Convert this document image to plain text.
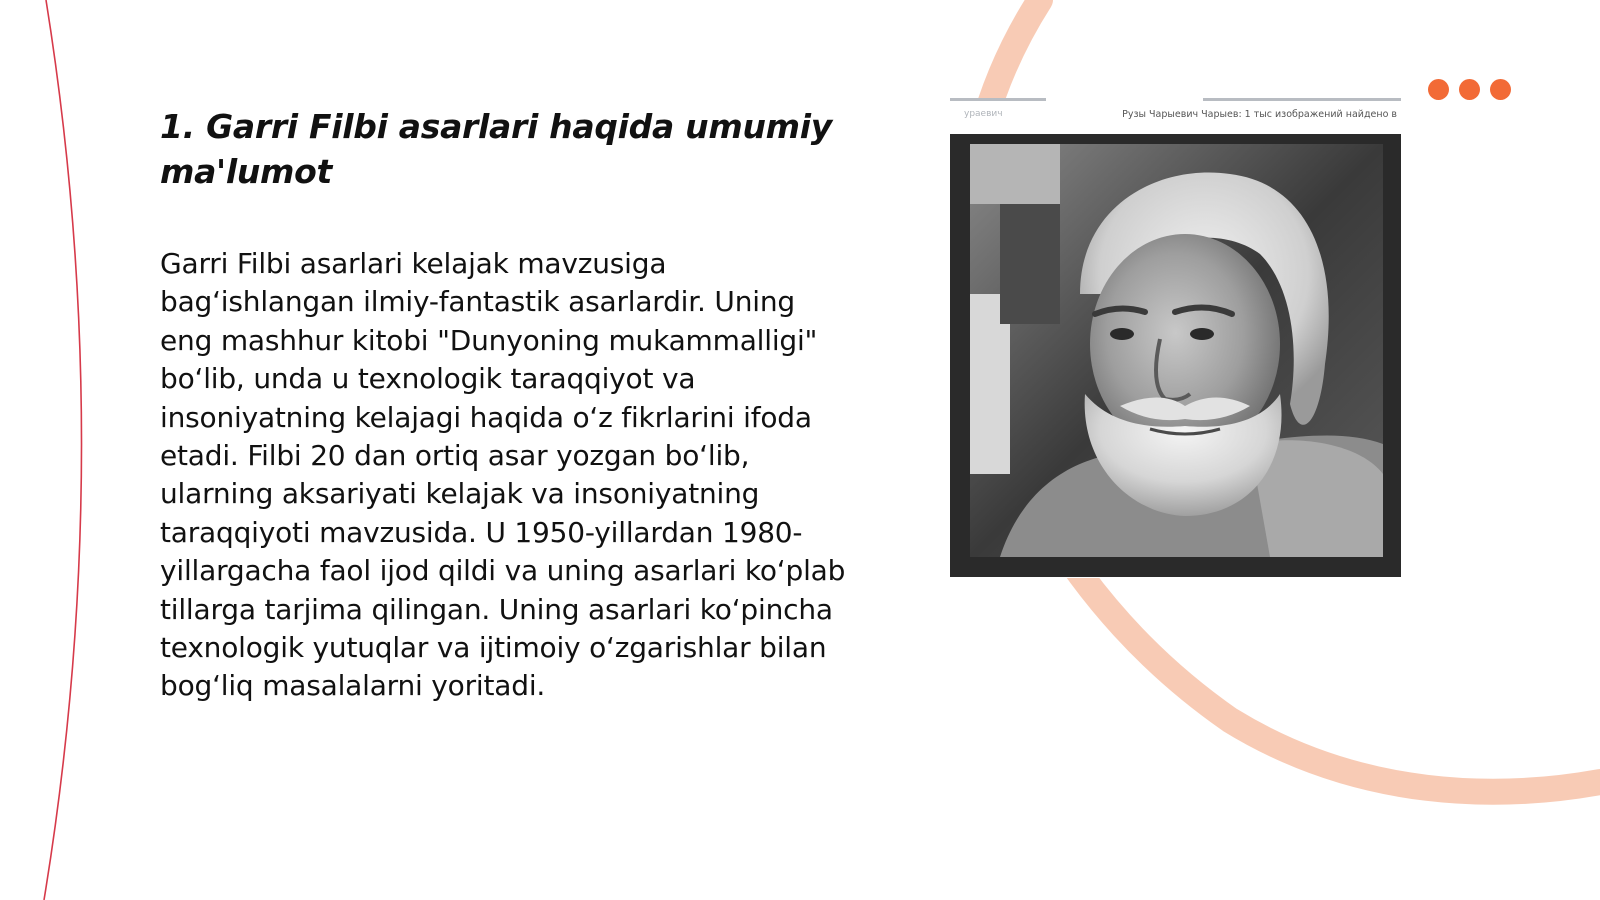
1. Garri Filbi asarlari haqida umumiy ma'lumot

Garri Filbi asarlari kelajak mavzusiga bag‘ishlangan ilmiy-fantastik asarlardir. Uning eng mashhur kitobi "Dunyoning mukammalligi" bo‘lib, unda u texnologik taraqqiyot va insoniyatning kelajagi haqida o‘z fikrlarini ifoda etadi. Filbi 20 dan ortiq asar yozgan bo‘lib, ularning aksariyati kelajak va insoniyatning taraqqiyoti mavzusida. U 1950-yillardan 1980-yillargacha faol ijod qildi va uning asarlari ko‘plab tillarga tarjima qilingan. Uning asarlari ko‘pincha texnologik yutuqlar va ijtimoiy o‘zgarishlar bilan bog‘liq masalalarni yoritadi.

ураевич	Рузы Чарыевич Чарыев: 1 тыс изображений найдено в
